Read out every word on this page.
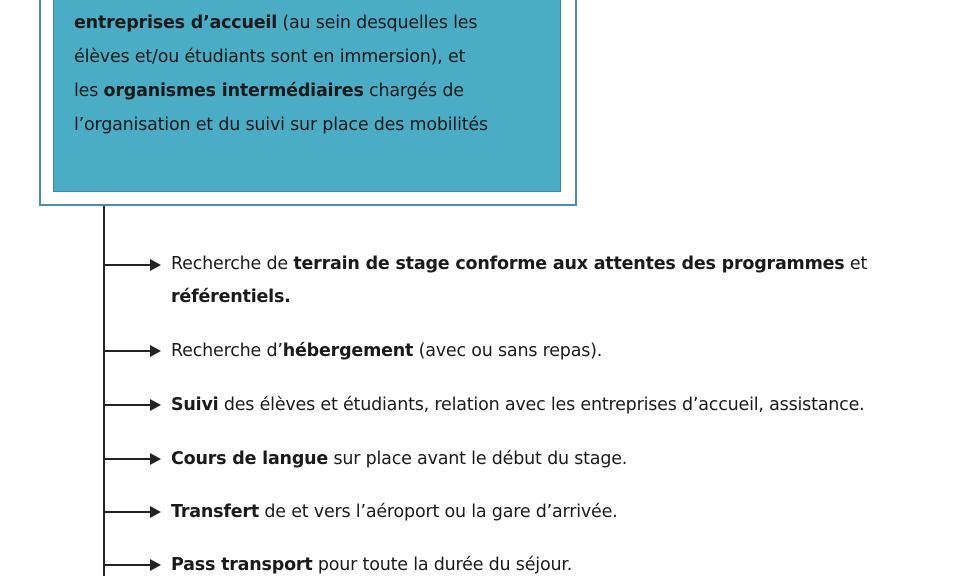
entreprises d’accueil (au sein desquelles les
élèves et/ou étudiants sont en immersion), et
les organismes intermédiaires chargés de
l’organisation et du suivi sur place des mobilités
Recherche de terrain de stage conforme aux attentes des programmes et
référentiels.
Recherche d’hébergement (avec ou sans repas).
Suivi des élèves et étudiants, relation avec les entreprises d’accueil, assistance.
Cours de langue sur place avant le début du stage.
Transfert de et vers l’aéroport ou la gare d’arrivée.
Pass transport pour toute la durée du séjour.
